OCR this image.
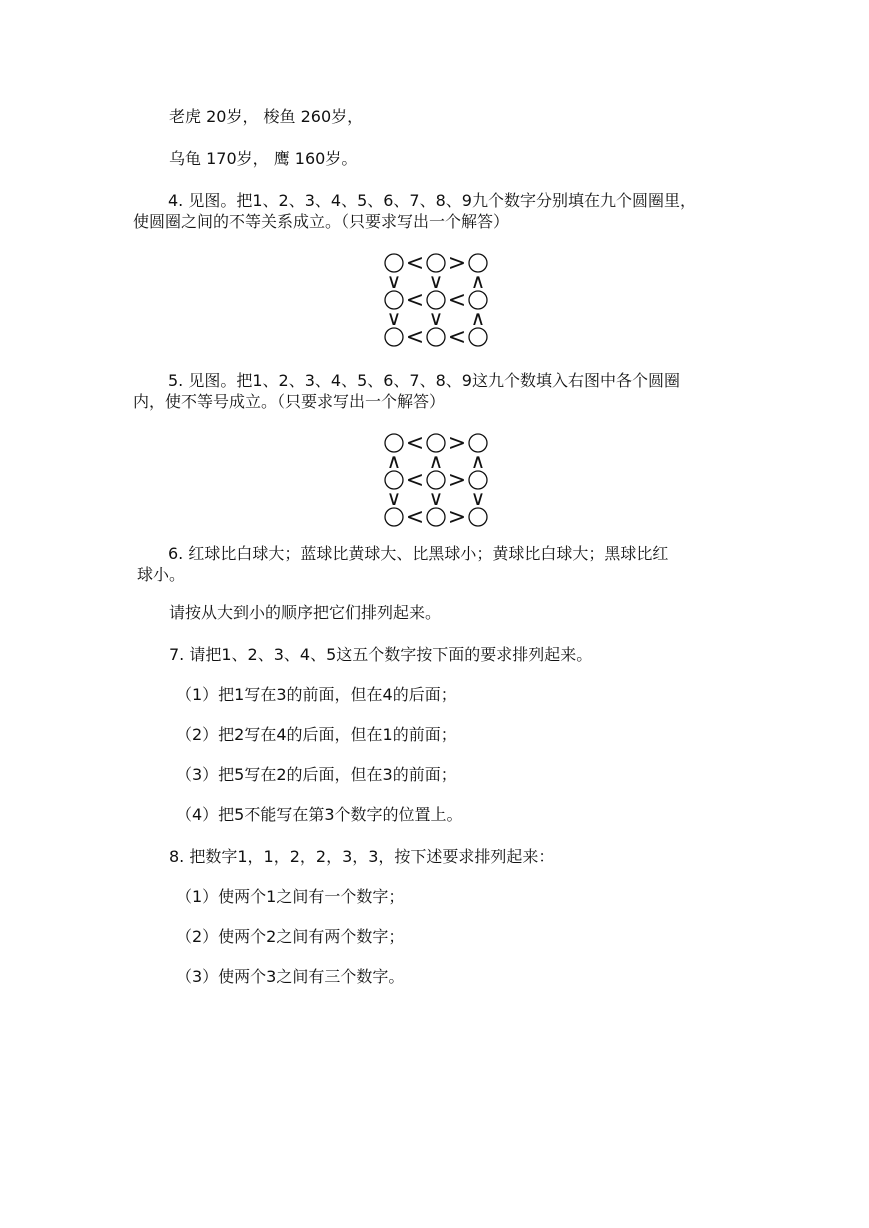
老虎 20岁， 梭鱼 260岁，
乌龟 170岁， 鹰 160岁。
4. 见图。把1、2、3、4、5、6、7、8、9九个数字分别填在九个圆圈里，
使圆圈之间的不等关系成立。（只要求写出一个解答）
< >
< <
< <
∨ ∨ ∧
∨ ∨ ∧
5. 见图。把1、2、3、4、5、6、7、8、9这九个数填入右图中各个圆圈
内，使不等号成立。（只要求写出一个解答）
< >
< >
< >
∧ ∧ ∧
∨ ∨ ∨
6. 红球比白球大；蓝球比黄球大、比黑球小；黄球比白球大；黑球比红
球小。
请按从大到小的顺序把它们排列起来。
7. 请把1、2、3、4、5这五个数字按下面的要求排列起来。
（1）把1写在3的前面，但在4的后面；
（2）把2写在4的后面，但在1的前面；
（3）把5写在2的后面，但在3的前面；
（4）把5不能写在第3个数字的位置上。
8. 把数字1，1，2，2，3，3，按下述要求排列起来：
（1）使两个1之间有一个数字；
（2）使两个2之间有两个数字；
（3）使两个3之间有三个数字。
